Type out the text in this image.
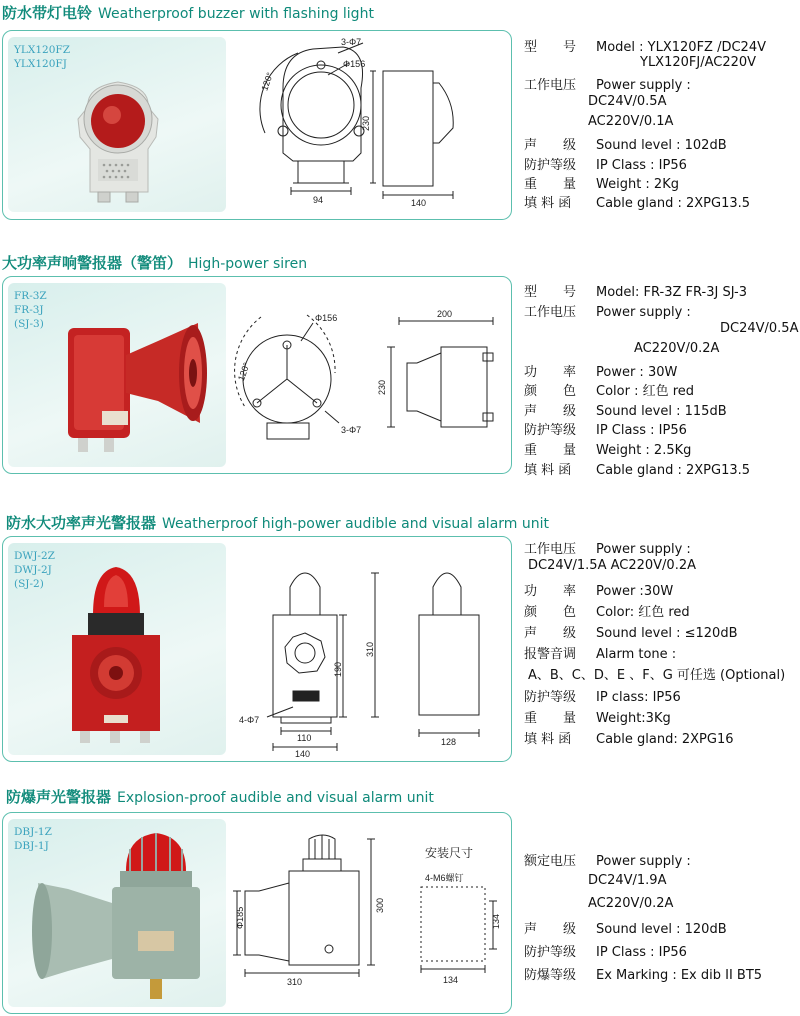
防水带灯电铃 Weatherproof buzzer with flashing light
YLX120FZ
YLX120FJ
3-Φ7
Φ156
120°
230
94	140
型　　号 Model : YLX120FZ /DC24V
YLX120FJ/AC220V
工作电压 Power supply :
DC24V/0.5A
AC220V/0.1A
声　　级 Sound level : 102dB
防护等级 IP Class : IP56
重　　量 Weight : 2Kg
填 料 函 Cable gland : 2XPG13.5
大功率声响警报器（警笛） High-power siren
FR-3Z
FR-3J
(SJ-3)	Φ156
120°
3-Φ7
200
230
型　　号 Model: FR-3Z FR-3J SJ-3
工作电压 Power supply :
DC24V/0.5A
AC220V/0.2A
功　　率 Power : 30W
颜　　色 Color : 红色 red
声　　级 Sound level : 115dB
防护等级 IP Class : IP56
重　　量 Weight : 2.5Kg
填 料 函 Cable gland : 2XPG13.5
防水大功率声光警报器 Weatherproof high-power audible and visual alarm unit
DWJ-2Z
DWJ-2J
(SJ-2)
310
190
4-Φ7
110
140
128
工作电压 Power supply :
DC24V/1.5A AC220V/0.2A
功　　率 Power :30W
颜　　色 Color: 红色 red
声　　级 Sound level : ≤120dB
报警音调 Alarm tone :
A、B、C、D、E 、F、G 可任选 (Optional)
防护等级 IP class: IP56
重　　量 Weight:3Kg
填 料 函 Cable gland: 2XPG16
防爆声光警报器 Explosion-proof audible and visual alarm unit
DBJ-1Z
DBJ-1J
Φ185
300
310
安装尺寸
4-M6螺钉
134
134
额定电压 Power supply :
DC24V/1.9A
AC220V/0.2A
声　　级 Sound level : 120dB
防护等级 IP Class : IP56
防爆等级 Ex Marking : Ex dib II BT5
